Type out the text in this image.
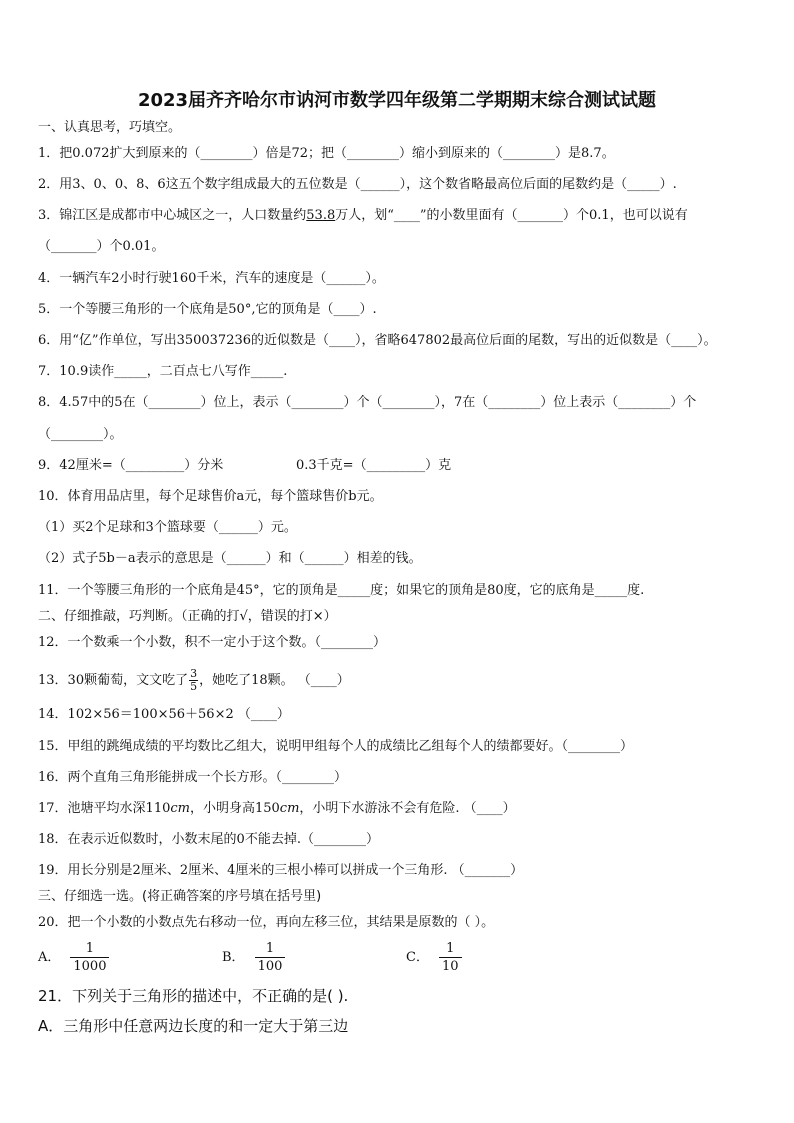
2023届齐齐哈尔市讷河市数学四年级第二学期期末综合测试试题
一、认真思考，巧填空。
1．把0.072扩大到原来的（________）倍是72；把（________）缩小到原来的（________）是8.7。
2．用3、0、0、8、6这五个数字组成最大的五位数是（______），这个数省略最高位后面的尾数约是（_____）.
3．锦江区是成都市中心城区之一，人口数量约53.8万人，划“____”的小数里面有（_______）个0.1，也可以说有
（_______）个0.01。
4．一辆汽车2小时行驶160千米，汽车的速度是（______）。
5．一个等腰三角形的一个底角是50°,它的顶角是（____）.
6．用“亿”作单位，写出350037236的近似数是（____），省略647802最高位后面的尾数，写出的近似数是（____）。
7．10.9读作_____，二百点七八写作_____.
8．4.57中的5在（________）位上，表示（________）个（________），7在（________）位上表示（________）个
（________）。
9．42厘米=（_________）分米	0.3千克=（_________）克
10．体育用品店里，每个足球售价a元，每个篮球售价b元。
（1）买2个足球和3个篮球要（______）元。
（2）式子5b－a表示的意思是（______）和（______）相差的钱。
11．一个等腰三角形的一个底角是45°，它的顶角是_____度；如果它的顶角是80度，它的底角是_____度.
二、仔细推敲，巧判断。（正确的打√，错误的打×）
12．一个数乘一个小数，积不一定小于这个数。（________）
13．30颗葡萄，文文吃了 $\frac{3}{5}$ ，她吃了18颗。 （____）
14．102×56＝100×56＋56×2 （____）
15．甲组的跳绳成绩的平均数比乙组大，说明甲组每个人的成绩比乙组每个人的绩都要好。（________）
16．两个直角三角形能拼成一个长方形。（________）
17．池塘平均水深110cm，小明身高150cm，小明下水游泳不会有危险. （____）
18．在表示近似数时，小数末尾的0不能去掉.（________）
19．用长分别是2厘米、2厘米、4厘米的三根小棒可以拼成一个三角形. （_______）
三、仔细选一选。(将正确答案的序号填在括号里)
20．把一个小数的小数点先右移动一位，再向左移三位，其结果是原数的（ ）。
A． $\frac{1}{1000}$	B． $\frac{1}{100}$	C． $\frac{1}{10}$
21．下列关于三角形的描述中，不正确的是( ).
A．三角形中任意两边长度的和一定大于第三边
